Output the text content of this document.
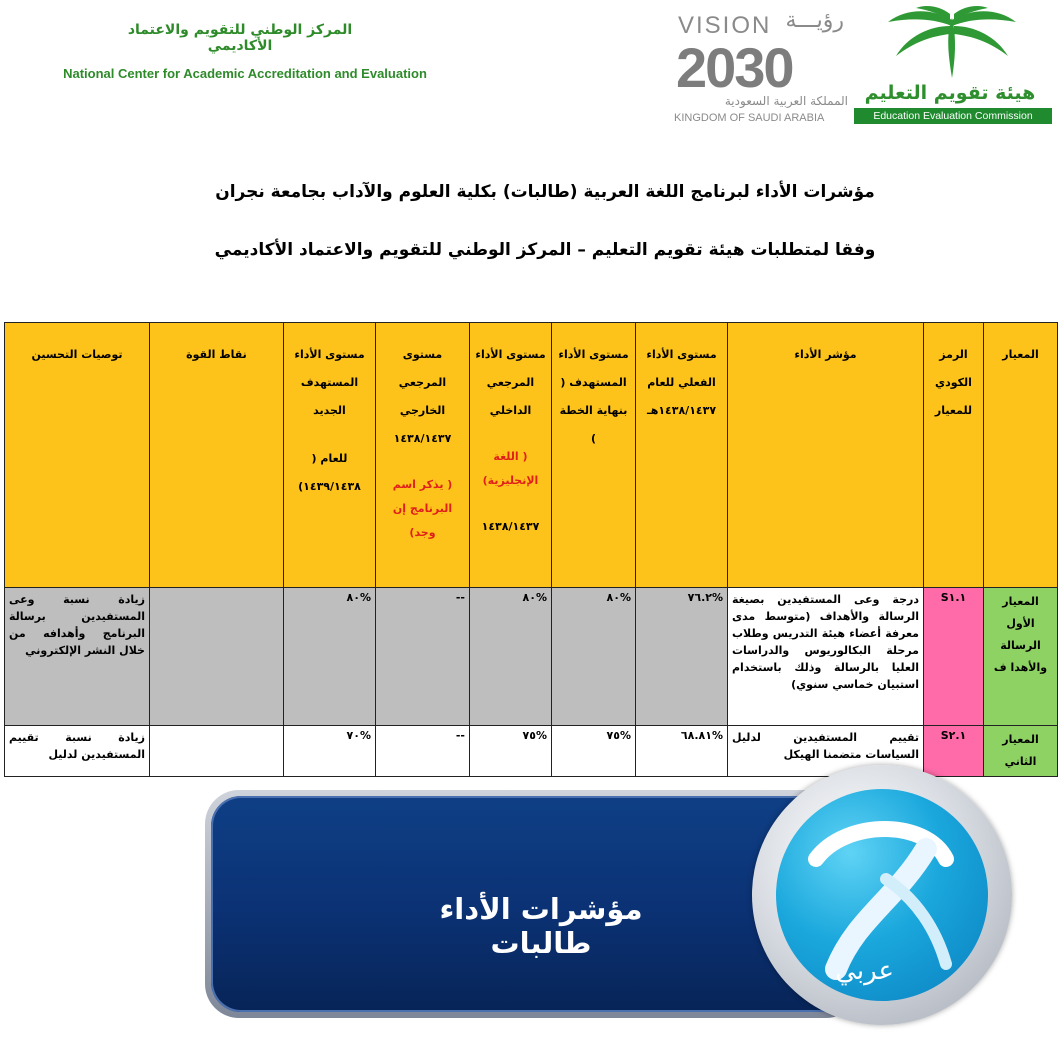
المركز الوطني للتقويم والاعتماد الأكاديمي
National Center for Academic Accreditation and Evaluation
VISION رؤيـــة
2030
المملكة العربية السعودية
KINGDOM OF SAUDI ARABIA
هيئة تقويم التعليم
Education Evaluation Commission
مؤشرات الأداء لبرنامج اللغة العربية (طالبات) بكلية العلوم والآداب بجامعة نجران
وفقا لمتطلبات هيئة تقويم التعليم – المركز الوطني للتقويم والاعتماد الأكاديمي
المعيار	الرمز الكودي للمعيار	مؤشر الأداء	مستوى الأداء الفعلي للعام ١٤٣٨/١٤٣٧هـ	مستوى الأداء المستهدف ( بنهاية الخطة )	مستوى الأداء المرجعي الداخلي
( اللغة الإنجليزية)
١٤٣٨/١٤٣٧	مستوى المرجعي الخارجي ١٤٣٨/١٤٣٧
( يذكر اسم البرنامج إن وجد)	مستوى الأداء المستهدف الجديد
للعام ( ١٤٣٩/١٤٣٨)	نقاط القوة	توصيات التحسين
المعيار الأول الرسالة والأهدا ف	S١.١	درجة وعى المستفيدين بصيغة الرسالة والأهداف (متوسط مدى معرفة أعضاء هيئة التدريس وطلاب مرحلة البكالوريوس والدراسات العليا بالرسالة وذلك باستخدام استبيان خماسي سنوي)	%٧٦.٢	%٨٠	%٨٠	--	%٨٠		زيادة نسبة وعى المستفيدين برسالة البرنامج وأهدافه من خلال النشر الإلكتروني
المعيار الثاني	S٢.١	تقييم المستفيدين لدليل السياسات متضمنا الهيكل	%٦٨.٨١	%٧٥	%٧٥	--	%٧٠		زيادة نسبة تقييم المستفيدين لدليل
مؤشرات الأداء طالبات
عربي
